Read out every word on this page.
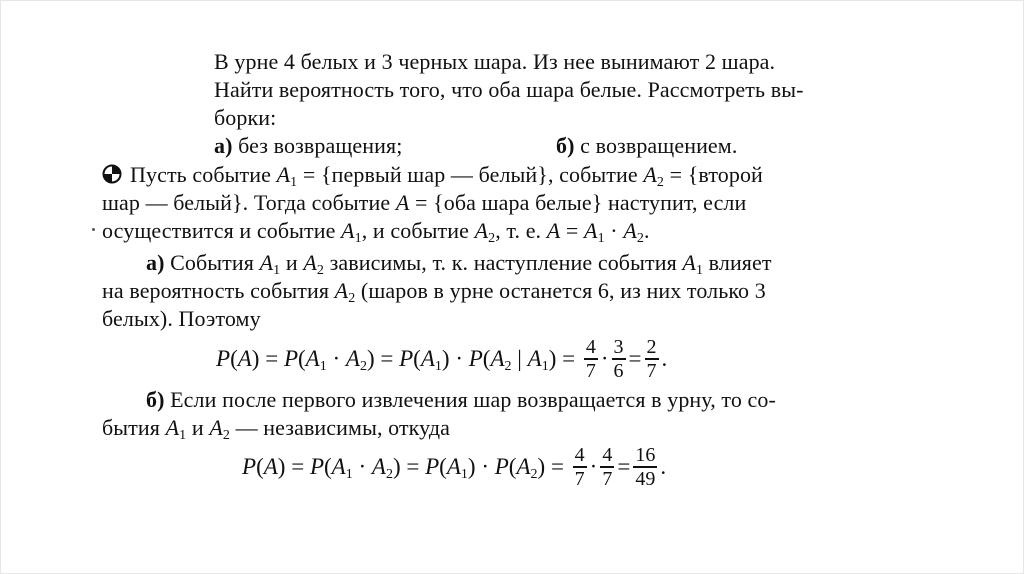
В урне 4 белых и 3 черных шара. Из нее вынимают 2 шара.
Найти вероятность того, что оба шара белые. Рассмотреть вы-
борки:
а) без возвращения;	б) с возвращением.
Пусть событие $A_1$ = {первый шар — белый}, событие $A_2$ = {второй
шар — белый}. Тогда событие A = {оба шара белые} наступит, если
осуществится и событие $A_1$, и событие $A_2$, т. е. $A = A_1 \cdot A_2$.
а) События $A_1$ и $A_2$ зависимы, т. к. наступление события $A_1$ влияет
на вероятность события $A_2$ (шаров в урне останется 6, из них только 3
белых). Поэтому
$P(A) = P(A_1 \cdot A_2) = P(A_1) \cdot P(A_2$ | $A_1) = \frac{4}{7} \cdot \frac{3}{6} = \frac{2}{7}$ .
б) Если после первого извлечения шар возвращается в урну, то со-
бытия $A_1$ и $A_2$ — независимы, откуда
$P(A) = P(A_1 \cdot A_2) = P(A_1) \cdot P(A_2) = \frac{4}{7} \cdot \frac{4}{7} = \frac{16}{49}$ .
